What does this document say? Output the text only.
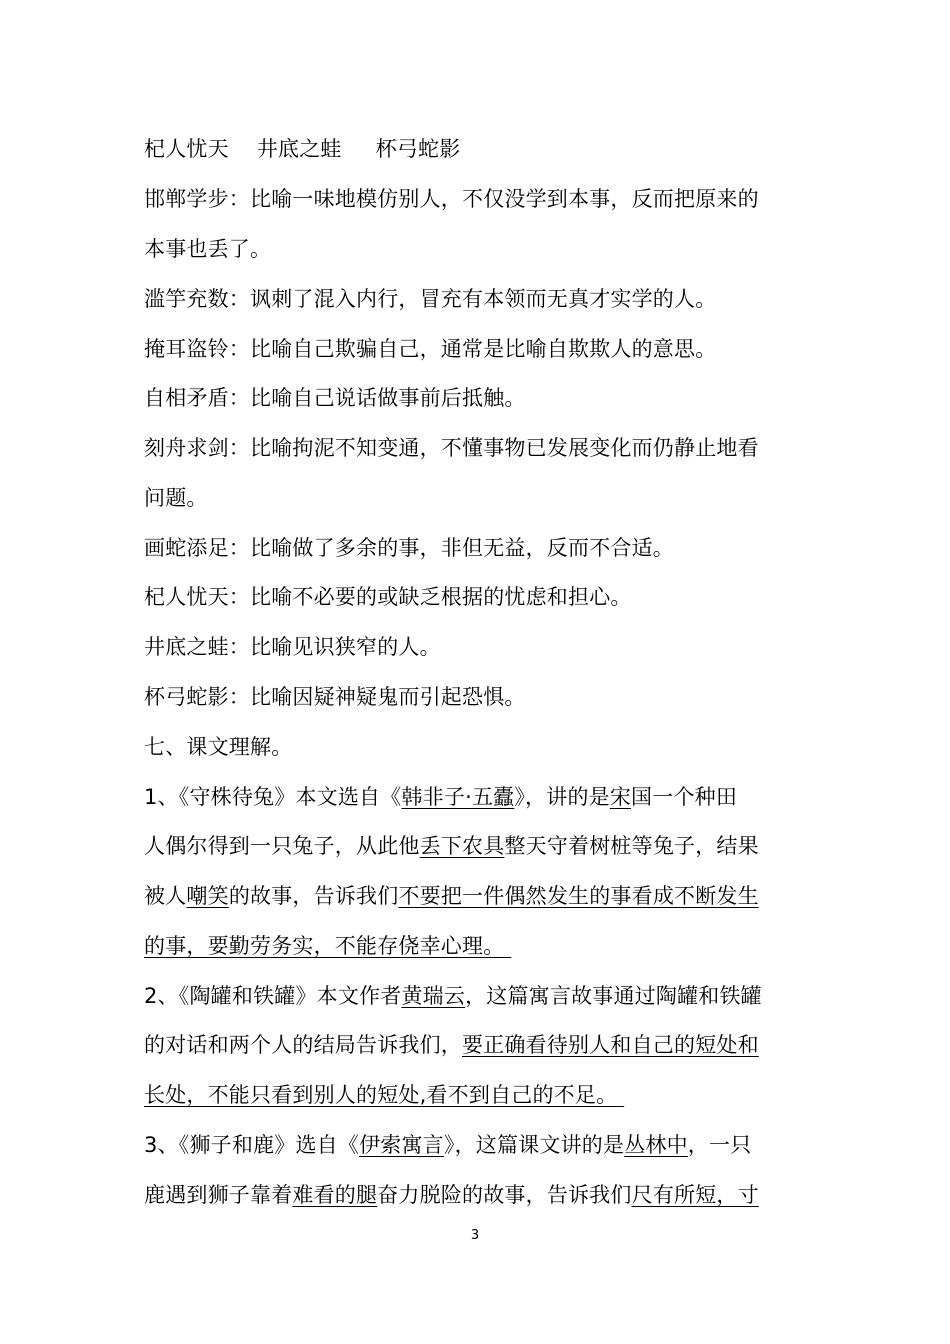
杞人忧天 井底之蛙 杯弓蛇影
邯郸学步：比喻一味地模仿别人，不仅没学到本事，反而把原来的
本事也丢了。
滥竽充数：讽刺了混入内行，冒充有本领而无真才实学的人。
掩耳盗铃：比喻自己欺骗自己，通常是比喻自欺欺人的意思。
自相矛盾：比喻自己说话做事前后抵触。
刻舟求剑：比喻拘泥不知变通，不懂事物已发展变化而仍静止地看
问题。
画蛇添足：比喻做了多余的事，非但无益，反而不合适。
杞人忧天：比喻不必要的或缺乏根据的忧虑和担心。
井底之蛙：比喻见识狭窄的人。
杯弓蛇影：比喻因疑神疑鬼而引起恐惧。
七、课文理解。
1、《守株待兔》本文选自《韩非子·五蠹》，讲的是宋国一个种田
人偶尔得到一只兔子，从此他丢下农具整天守着树桩等兔子，结果
被人嘲笑的故事，告诉我们不要把一件偶然发生的事看成不断发生
的事，要勤劳务实，不能存侥幸心理。
2、《陶罐和铁罐》本文作者黄瑞云，这篇寓言故事通过陶罐和铁罐
的对话和两个人的结局告诉我们，要正确看待别人和自己的短处和
长处，不能只看到别人的短处,看不到自己的不足。
3、《狮子和鹿》选自《伊索寓言》，这篇课文讲的是丛林中，一只
鹿遇到狮子靠着难看的腿奋力脱险的故事，告诉我们尺有所短，寸
3
